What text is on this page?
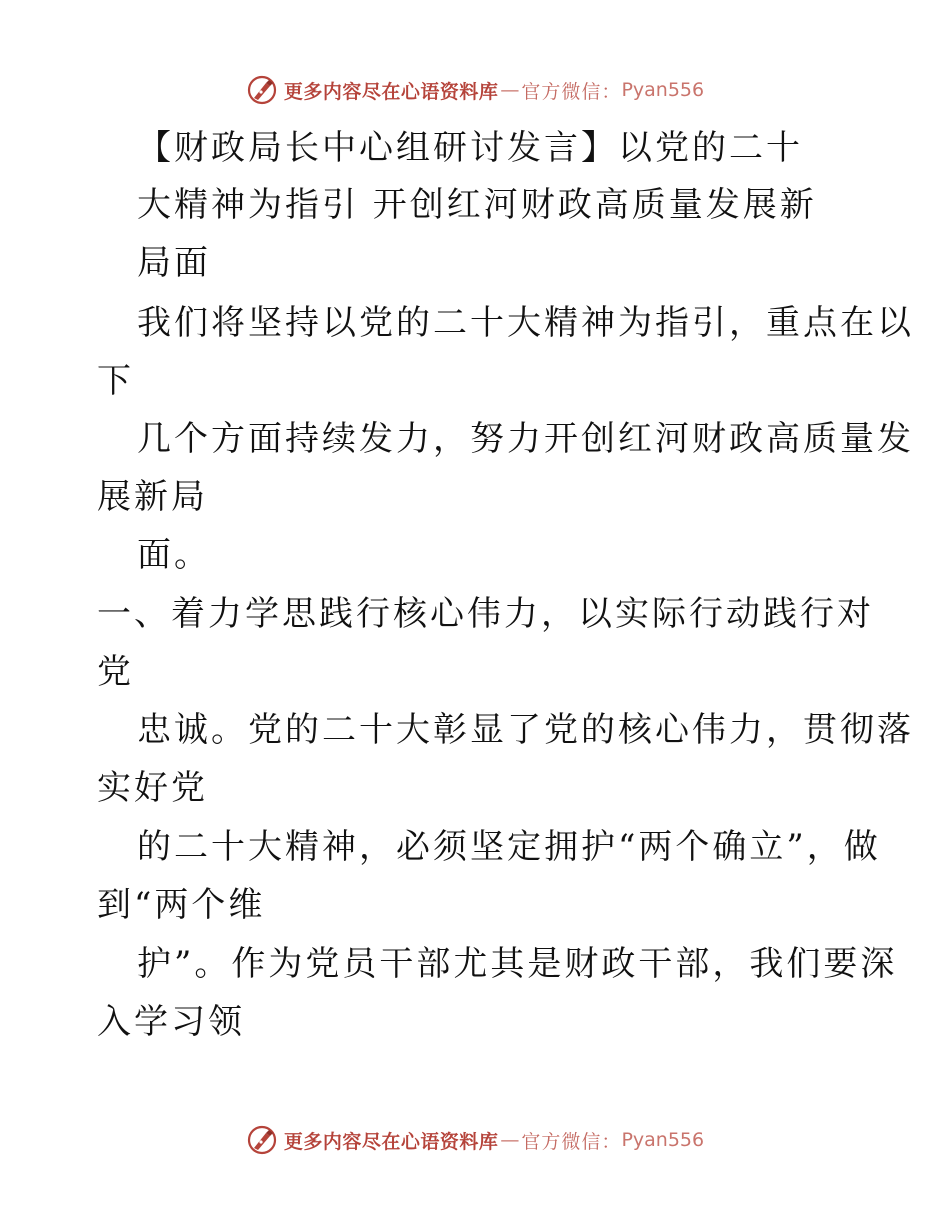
更多内容尽在心语资料库 — 官方微信： Pyan556
【财政局长中心组研讨发言】以党的二十
大精神为指引 开创红河财政高质量发展新
局面
我们将坚持以党的二十大精神为指引，重点在以
下
几个方面持续发力，努力开创红河财政高质量发
展新局
面。
一、着力学思践行核心伟力，以实际行动践行对
党
忠诚。党的二十大彰显了党的核心伟力，贯彻落
实好党
的二十大精神，必须坚定拥护“两个确立”，做
到“两个维
护”。作为党员干部尤其是财政干部，我们要深
入学习领
更多内容尽在心语资料库 — 官方微信： Pyan556
